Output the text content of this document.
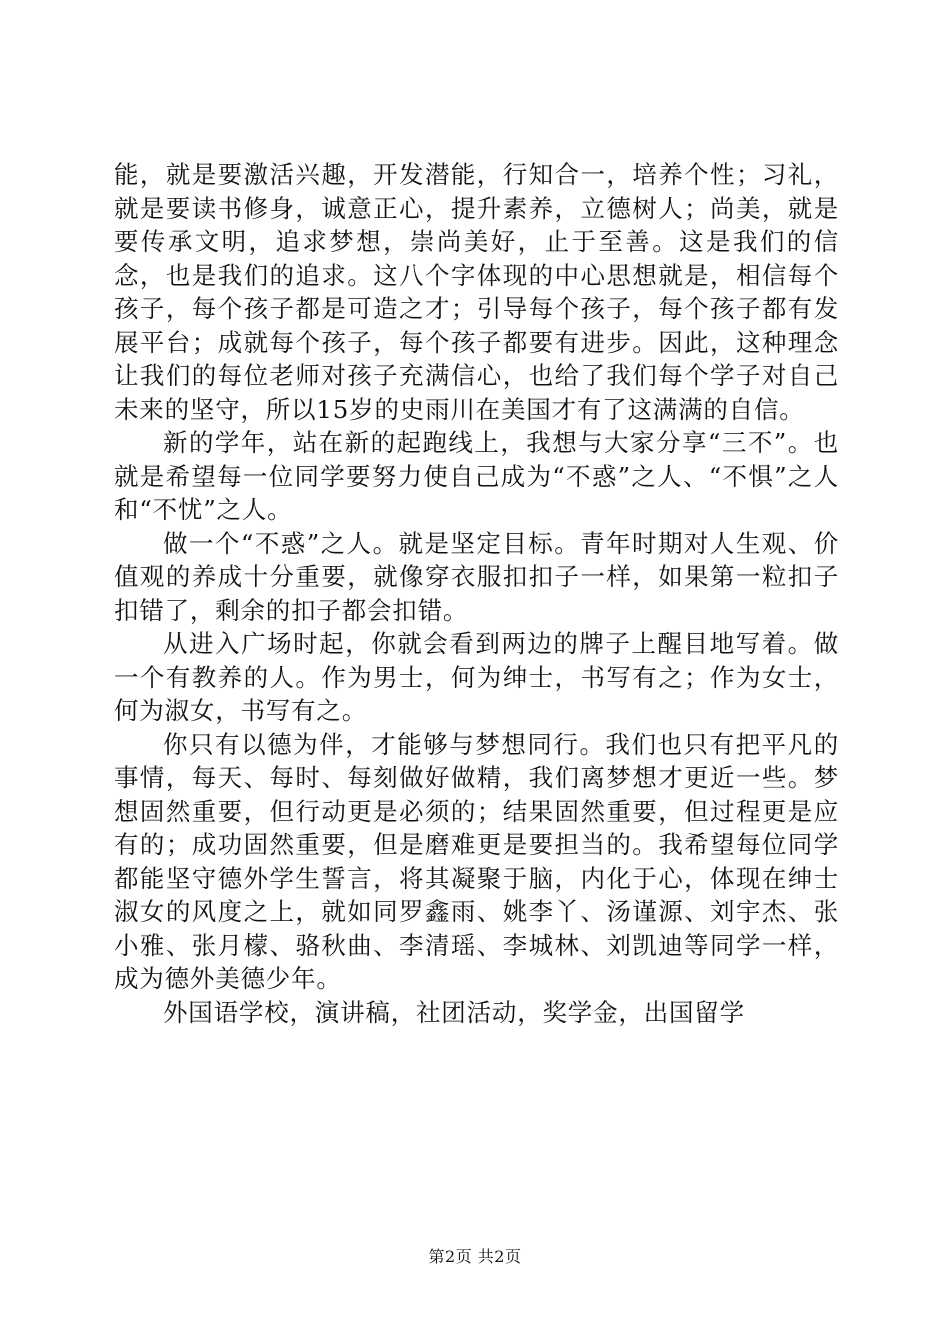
能，就是要激活兴趣，开发潜能，行知合一，培养个性；习礼，就是要读书修身，诚意正心，提升素养，立德树人；尚美，就是要传承文明，追求梦想，崇尚美好，止于至善。这是我们的信念，也是我们的追求。这八个字体现的中心思想就是，相信每个孩子，每个孩子都是可造之才；引导每个孩子，每个孩子都有发展平台；成就每个孩子，每个孩子都要有进步。因此，这种理念让我们的每位老师对孩子充满信心，也给了我们每个学子对自己未来的坚守，所以15岁的史雨川在美国才有了这满满的自信。

新的学年，站在新的起跑线上，我想与大家分享“三不”。也就是希望每一位同学要努力使自己成为“不惑”之人、“不惧”之人和“不忧”之人。

做一个“不惑”之人。就是坚定目标。青年时期对人生观、价值观的养成十分重要，就像穿衣服扣扣子一样，如果第一粒扣子扣错了，剩余的扣子都会扣错。

从进入广场时起，你就会看到两边的牌子上醒目地写着。做一个有教养的人。作为男士，何为绅士，书写有之；作为女士，何为淑女，书写有之。

你只有以德为伴，才能够与梦想同行。我们也只有把平凡的事情，每天、每时、每刻做好做精，我们离梦想才更近一些。梦想固然重要，但行动更是必须的；结果固然重要，但过程更是应有的；成功固然重要，但是磨难更是要担当的。我希望每位同学都能坚守德外学生誓言，将其凝聚于脑，内化于心，体现在绅士淑女的风度之上，就如同罗鑫雨、姚李丫、汤谨源、刘宇杰、张小雅、张月檬、骆秋曲、李清瑶、李城林、刘凯迪等同学一样，成为德外美德少年。

外国语学校，演讲稿，社团活动，奖学金，出国留学

第2页 共2页
